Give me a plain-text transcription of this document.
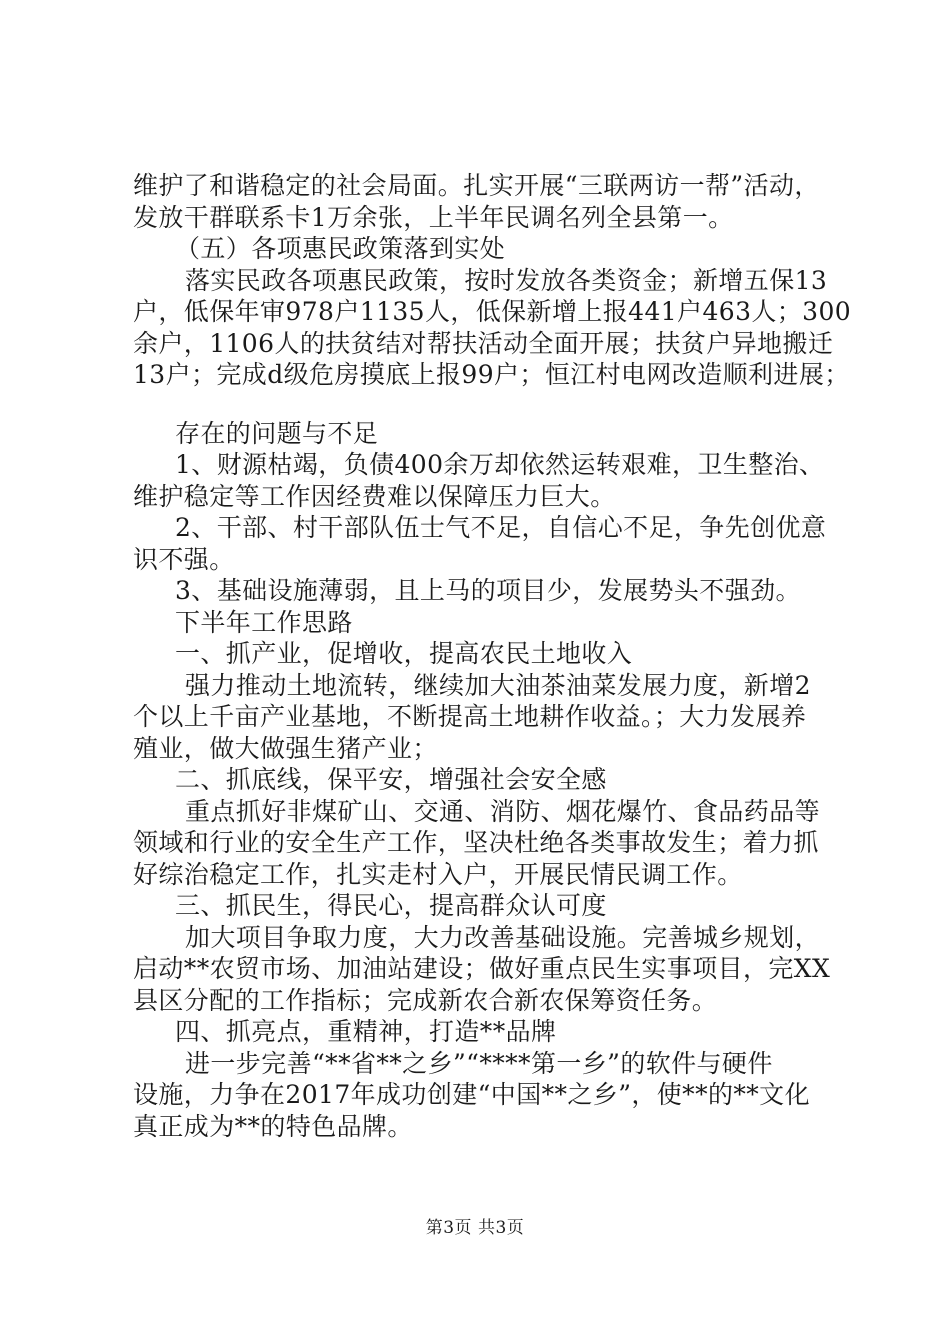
维护了和谐稳定的社会局面。扎实开展“三联两访一帮”活动，

发放干群联系卡1万余张，上半年民调名列全县第一。

（五）各项惠民政策落到实处

落实民政各项惠民政策，按时发放各类资金；新增五保13

户，低保年审978户1135人，低保新增上报441户463人；300

余户，1106人的扶贫结对帮扶活动全面开展；扶贫户异地搬迁

13户；完成d级危房摸底上报99户；恒江村电网改造顺利进展；

存在的问题与不足

1、财源枯竭，负债400余万却依然运转艰难，卫生整治、

维护稳定等工作因经费难以保障压力巨大。

2、干部、村干部队伍士气不足，自信心不足，争先创优意

识不强。

3、基础设施薄弱，且上马的项目少，发展势头不强劲。

下半年工作思路

一、抓产业，促增收，提高农民土地收入

强力推动土地流转，继续加大油茶油菜发展力度，新增2

个以上千亩产业基地，不断提高土地耕作收益。；大力发展养

殖业，做大做强生猪产业；

二、抓底线，保平安，增强社会安全感

重点抓好非煤矿山、交通、消防、烟花爆竹、食品药品等

领域和行业的安全生产工作，坚决杜绝各类事故发生；着力抓

好综治稳定工作，扎实走村入户，开展民情民调工作。

三、抓民生，得民心，提高群众认可度

加大项目争取力度，大力改善基础设施。完善城乡规划，

启动**农贸市场、加油站建设；做好重点民生实事项目，完XX

县区分配的工作指标；完成新农合新农保筹资任务。

四、抓亮点，重精神，打造**品牌

进一步完善“**省**之乡”“****第一乡”的软件与硬件

设施，力争在2017年成功创建“中国**之乡”，使**的**文化

真正成为**的特色品牌。

第3页 共3页
